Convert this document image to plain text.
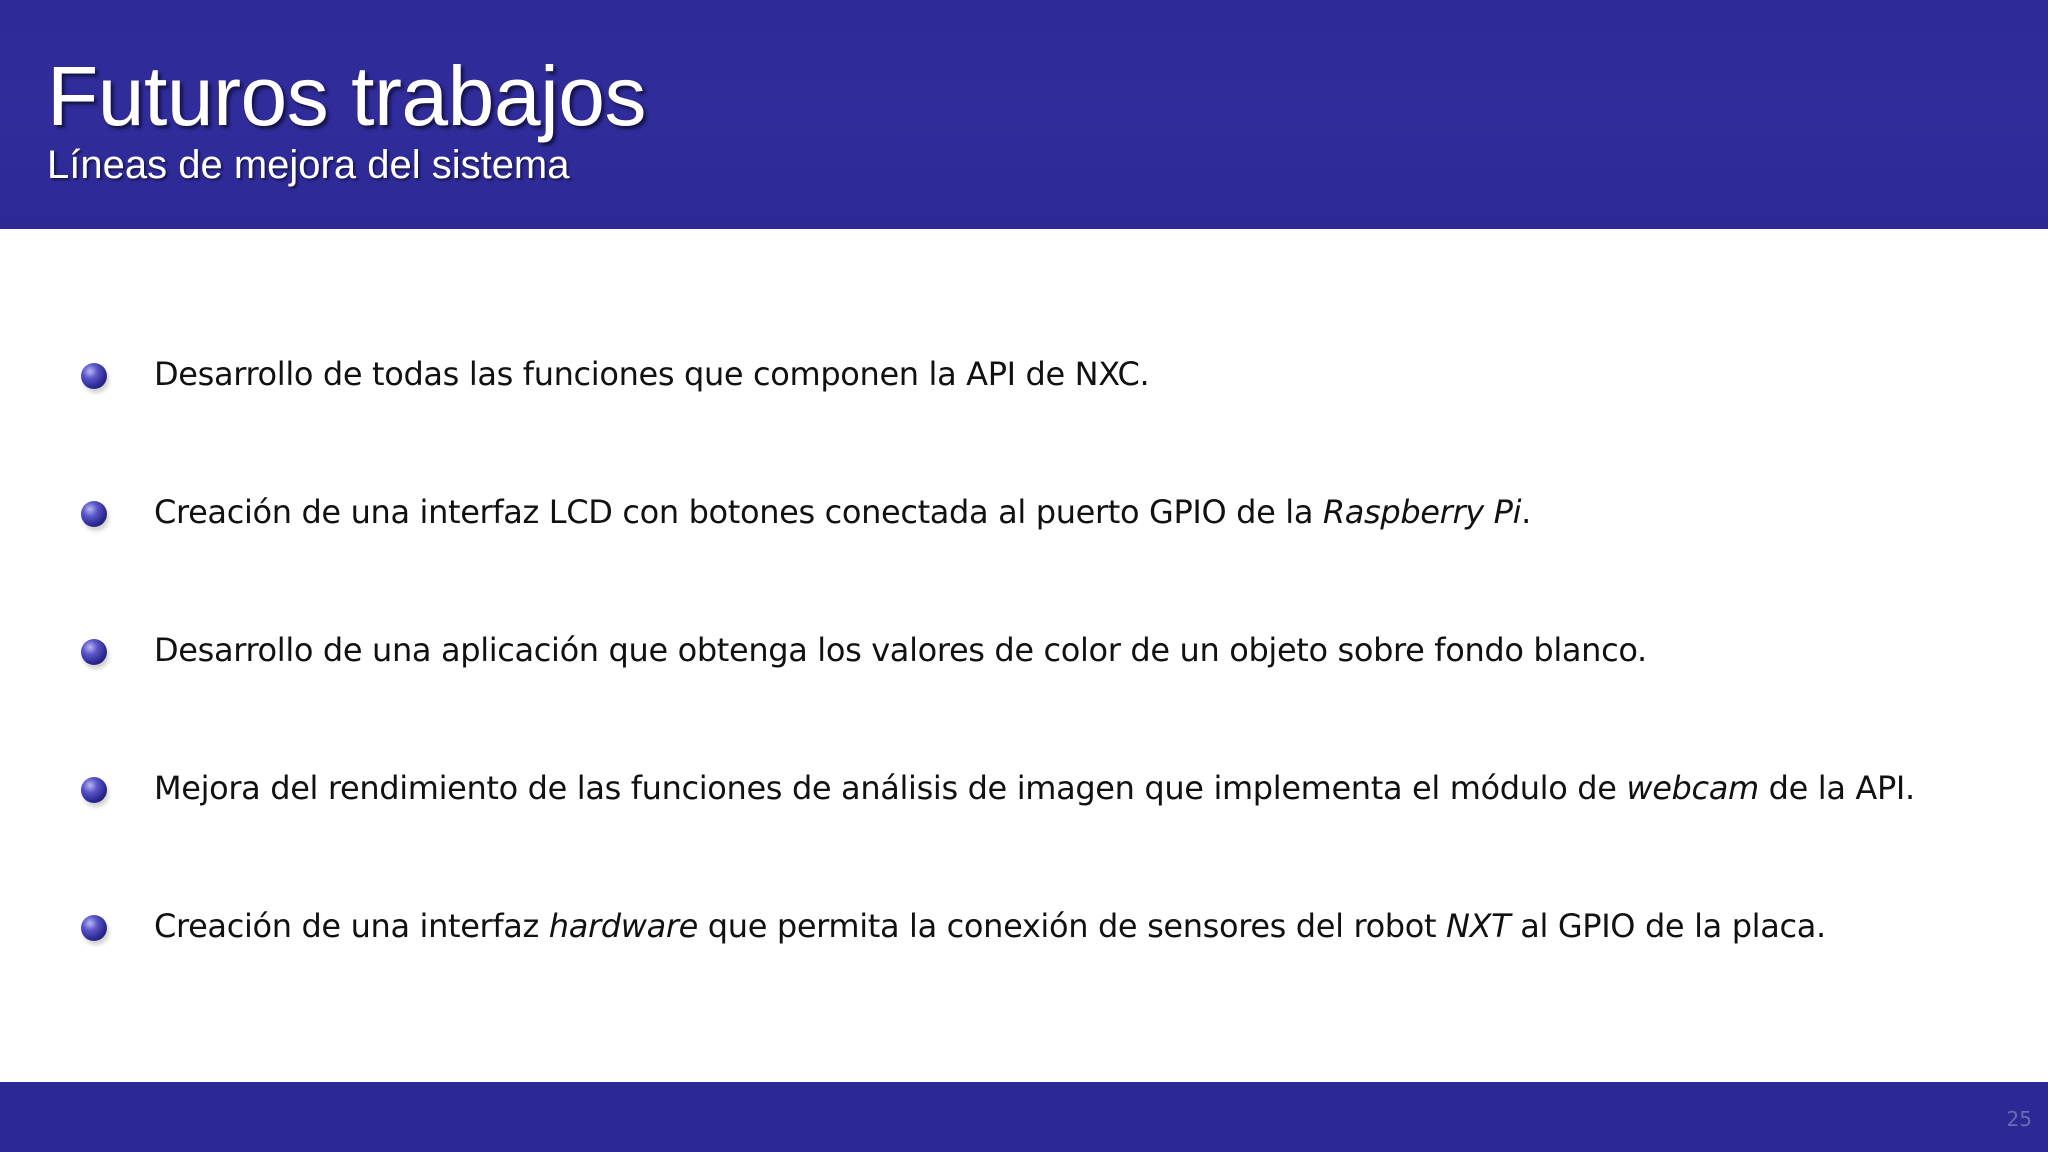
Futuros trabajos
Líneas de mejora del sistema
Desarrollo de todas las funciones que componen la API de NXC.
Creación de una interfaz LCD con botones conectada al puerto GPIO de la Raspberry Pi.
Desarrollo de una aplicación que obtenga los valores de color de un objeto sobre fondo blanco.
Mejora del rendimiento de las funciones de análisis de imagen que implementa el módulo de webcam de la API.
Creación de una interfaz hardware que permita la conexión de sensores del robot NXT al GPIO de la placa.
25
